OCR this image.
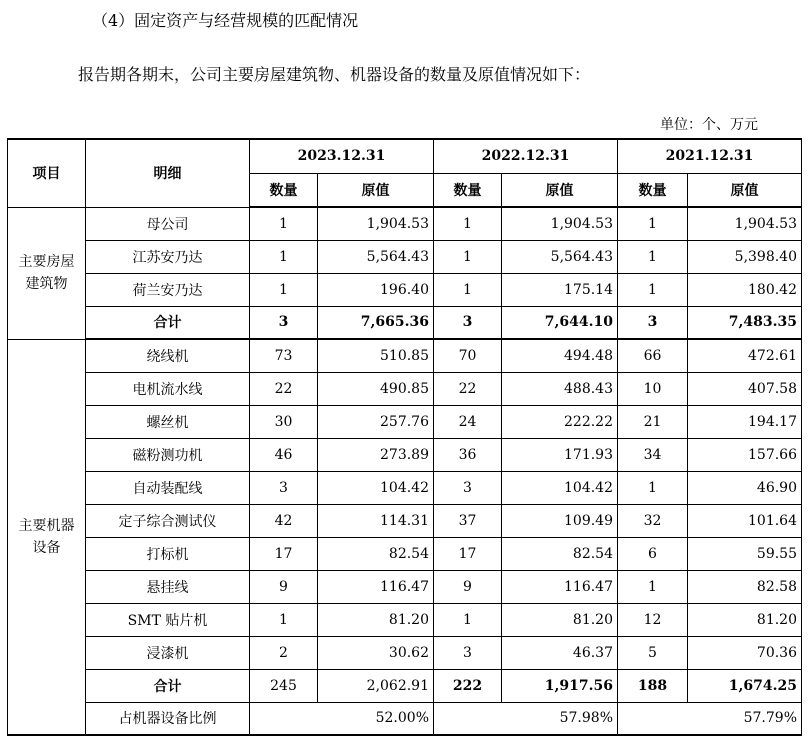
（4）固定资产与经营规模的匹配情况
报告期各期末，公司主要房屋建筑物、机器设备的数量及原值情况如下：
单位：个、万元
项目	明细	2023.12.31		2022.12.31		2021.12.31	
		数量	原值	数量	原值	数量	原值

主要房屋建筑物	母公司	1	1,904.53	1	1,904.53	1	1,904.53
	江苏安乃达	1	5,564.43	1	5,564.43	1	5,398.40
	荷兰安乃达	1	196.40	1	175.14	1	180.42
	合计	3	7,665.36	3	7,644.10	3	7,483.35

主要机器设备	绕线机	73	510.85	70	494.48	66	472.61
	电机流水线	22	490.85	22	488.43	10	407.58
	螺丝机	30	257.76	24	222.22	21	194.17
	磁粉测功机	46	273.89	36	171.93	34	157.66
	自动装配线	3	104.42	3	104.42	1	46.90
	定子综合测试仪	42	114.31	37	109.49	32	101.64
	打标机	17	82.54	17	82.54	6	59.55
	悬挂线	9	116.47	9	116.47	1	82.58
	SMT 贴片机	1	81.20	1	81.20	12	81.20
	浸漆机	2	30.62	3	46.37	5	70.36
	合计	245	2,062.91	222	1,917.56	188	1,674.25
	占机器设备比例	52.00%		57.98%		57.79%	
